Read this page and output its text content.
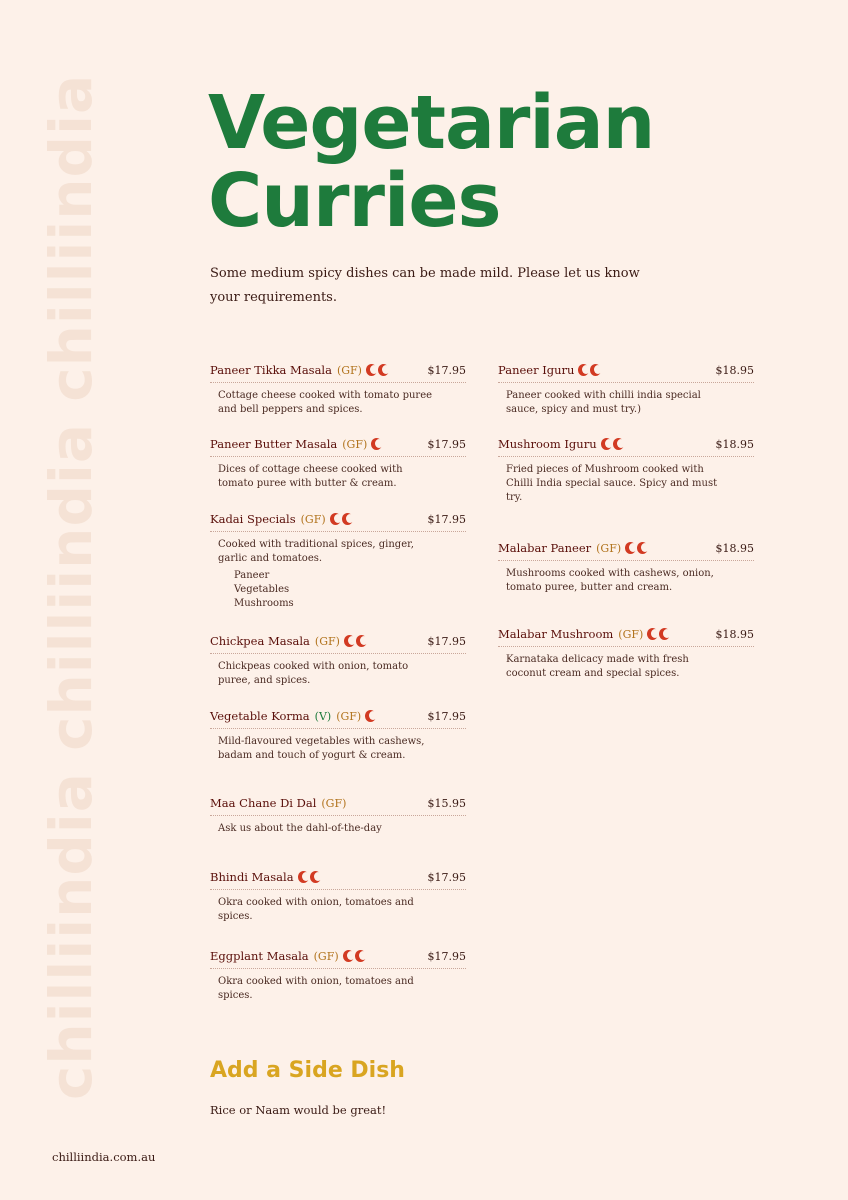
chilliindia chilliindia chilliindia Vegetarian Curries
Some medium spicy dishes can be made mild. Please let us know your requirements.
Paneer Tikka Masala (GF)	$17.95
Cottage cheese cooked with tomato puree and bell peppers and spices.
Paneer Butter Masala (GF)	$17.95
Dices of cottage cheese cooked with tomato puree with butter & cream.
Kadai Specials (GF)	$17.95
Cooked with traditional spices, ginger, garlic and tomatoes.
Paneer
Vegetables
Mushrooms
Chickpea Masala (GF)	$17.95
Chickpeas cooked with onion, tomato puree, and spices.
Vegetable Korma (V) (GF)	$17.95
Mild-flavoured vegetables with cashews, badam and touch of yogurt & cream.
Maa Chane Di Dal (GF)	$15.95
Ask us about the dahl-of-the-day
Bhindi Masala	$17.95
Okra cooked with onion, tomatoes and spices.
Eggplant Masala (GF)	$17.95
Okra cooked with onion, tomatoes and spices.
Paneer Iguru	$18.95
Paneer cooked with chilli india special sauce, spicy and must try.)
Mushroom Iguru	$18.95
Fried pieces of Mushroom cooked with Chilli India special sauce. Spicy and must try.
Malabar Paneer (GF)	$18.95
Mushrooms cooked with cashews, onion, tomato puree, butter and cream.
Malabar Mushroom (GF)	$18.95
Karnataka delicacy made with fresh coconut cream and special spices.
Add a Side Dish
Rice or Naam would be great!
chilliindia.com.au
